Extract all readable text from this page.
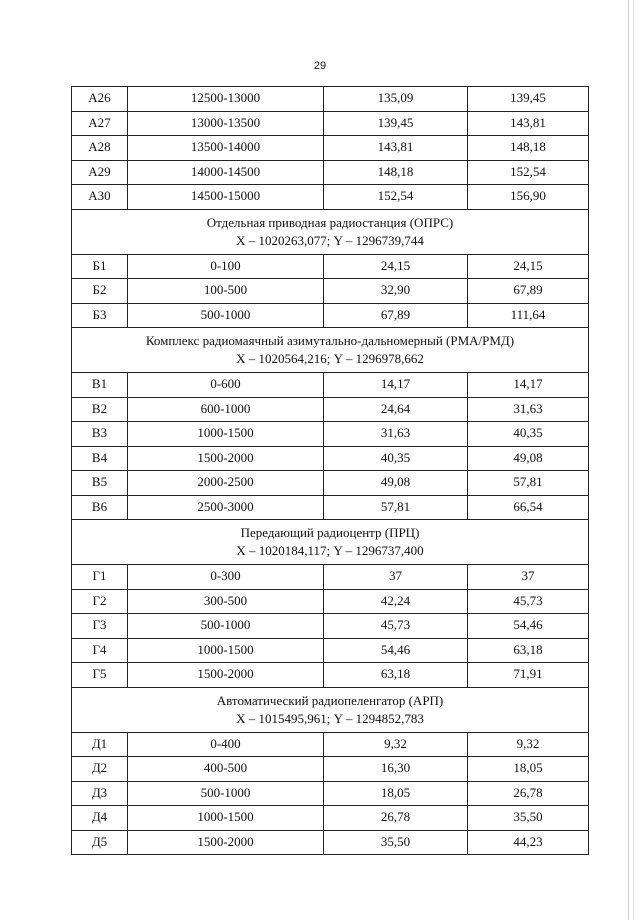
29
А26	12500-13000	135,09	139,45
А27	13000-13500	139,45	143,81
А28	13500-14000	143,81	148,18
А29	14000-14500	148,18	152,54
А30	14500-15000	152,54	156,90

Отдельная приводная радиостанция (ОПРС)
Х – 1020263,077; Y – 1296739,744			

Б1	0-100	24,15	24,15
Б2	100-500	32,90	67,89
Б3	500-1000	67,89	111,64

Комплекс радиомаячный азимутально-дальномерный (РМА/РМД)
Х – 1020564,216; Y – 1296978,662			

В1	0-600	14,17	14,17
В2	600-1000	24,64	31,63
В3	1000-1500	31,63	40,35
В4	1500-2000	40,35	49,08
В5	2000-2500	49,08	57,81
В6	2500-3000	57,81	66,54

Передающий радиоцентр (ПРЦ)
Х – 1020184,117; Y – 1296737,400			

Г1	0-300	37	37
Г2	300-500	42,24	45,73
Г3	500-1000	45,73	54,46
Г4	1000-1500	54,46	63,18
Г5	1500-2000	63,18	71,91

Автоматический радиопеленгатор (АРП)
Х – 1015495,961; Y – 1294852,783			

Д1	0-400	9,32	9,32
Д2	400-500	16,30	18,05
Д3	500-1000	18,05	26,78
Д4	1000-1500	26,78	35,50
Д5	1500-2000	35,50	44,23
